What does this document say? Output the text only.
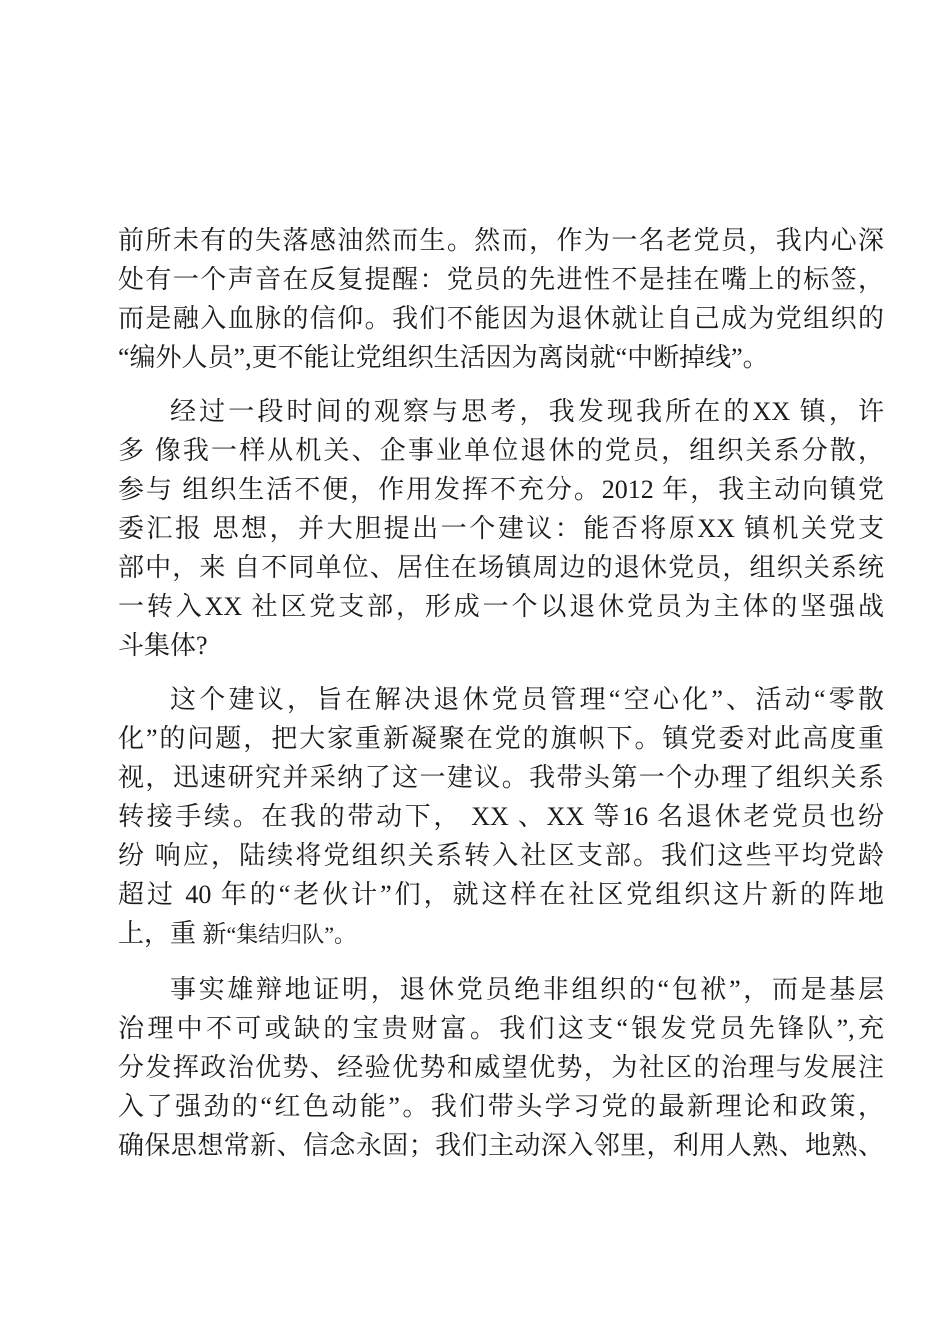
前所未有的失落感油然而生。然而，作为一名老党员，我内心深
处有一个声音在反复提醒：党员的先进性不是挂在嘴上的标签，
而是融入血脉的信仰。我们不能因为退休就让自己成为党组织的
“编外人员”,更不能让党组织生活因为离岗就“中断掉线”。
经过一段时间的观察与思考，我发现我所在的XX 镇，许
多 像我一样从机关、企事业单位退休的党员，组织关系分散，
参与 组织生活不便，作用发挥不充分。2012 年，我主动向镇党
委汇报 思想，并大胆提出一个建议：能否将原XX 镇机关党支
部中，来 自不同单位、居住在场镇周边的退休党员，组织关系统
一转入XX 社区党支部，形成一个以退休党员为主体的坚强战
斗集体?
这个建议，旨在解决退休党员管理“空心化”、活动“零散
化”的问题，把大家重新凝聚在党的旗帜下。镇党委对此高度重
视，迅速研究并采纳了这一建议。我带头第一个办理了组织关系
转接手续。在我的带动下， XX 、XX 等16 名退休老党员也纷
纷 响应，陆续将党组织关系转入社区支部。我们这些平均党龄
超过 40 年的“老伙计”们，就这样在社区党组织这片新的阵地
上，重 新“集结归队”。
事实雄辩地证明，退休党员绝非组织的“包袱”，而是基层
治理中不可或缺的宝贵财富。我们这支“银发党员先锋队”,充
分发挥政治优势、经验优势和威望优势，为社区的治理与发展注
入了强劲的“红色动能”。我们带头学习党的最新理论和政策，
确保思想常新、信念永固；我们主动深入邻里，利用人熟、地熟、
